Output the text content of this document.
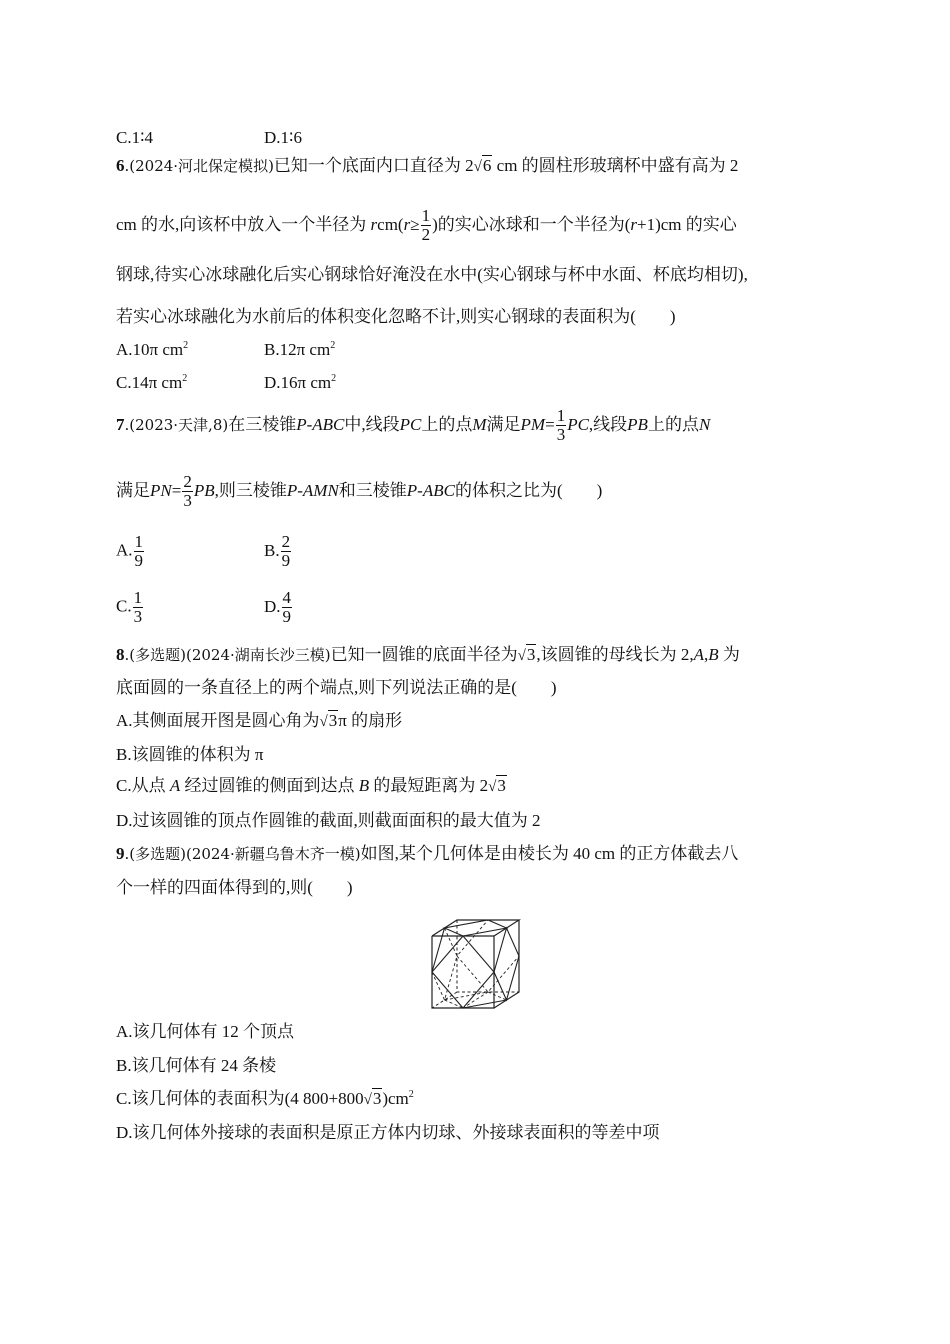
C.1∶4	D.1∶6
6.(2024·河北保定模拟)已知一个底面内口直径为 2√6 cm 的圆柱形玻璃杯中盛有高为 2
cm 的水,向该杯中放入一个半径为
r cm( $r \ge \frac{1}{2}$ )的实心冰球和一个半径为( r +1)cm 的实心
钢球,待实心冰球融化后实心钢球恰好淹没在水中(实心钢球与杯中水面、杯底均相切),
若实心冰球融化为水前后的体积变化忽略不计,则实心钢球的表面积为(　　)
A.10π $cm^2$	B.12π $cm^2$
C.14π $cm^2$	D.16π $cm^2$
7 .(2023·天津,8) 在三棱锥 P-ABC 中,线段 PC 上的点 M 满足 PM = $\frac{1}{3}$ PC ,线段 PB 上的点 N
满足 PN = $\frac{2}{3}$ PB ,则三棱锥 P-AMN 和三棱锥 P-ABC 的体积之比为(　　)
A. $\frac{1}{9}$	B. $\frac{2}{9}$
C. $\frac{1}{3}$	D. $\frac{4}{9}$
8.(多选题)(2024·湖南长沙三模)已知一圆锥的底面半径为√3,该圆锥的母线长为 2,A,B 为
底面圆的一条直径上的两个端点,则下列说法正确的是(　　)
A.其侧面展开图是圆心角为√3π 的扇形
B.该圆锥的体积为 π
C.从点 A 经过圆锥的侧面到达点 B 的最短距离为 2√3
D.过该圆锥的顶点作圆锥的截面,则截面面积的最大值为 2
9.(多选题)(2024·新疆乌鲁木齐一模)如图,某个几何体是由棱长为 40 cm 的正方体截去八
个一样的四面体得到的,则(　　)
A.该几何体有 12 个顶点
B.该几何体有 24 条棱
C.该几何体的表面积为(4 $800+800√3)cm^2$
D.该几何体外接球的表面积是原正方体内切球、外接球表面积的等差中项
